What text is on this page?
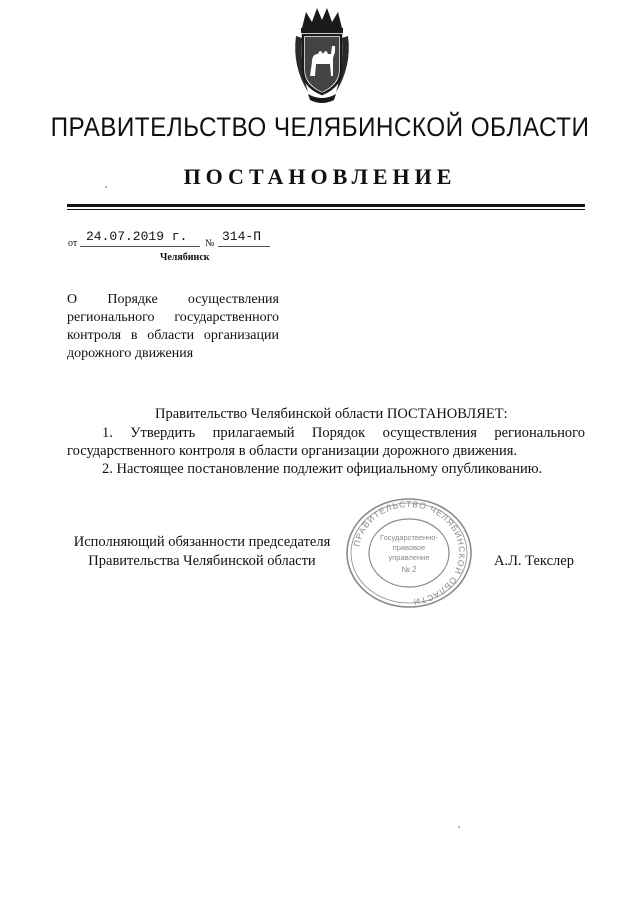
ПРАВИТЕЛЬСТВО ЧЕЛЯБИНСКОЙ ОБЛАСТИ
ПОСТАНОВЛЕНИЕ
от 24.07.2019 г. № 314-П
Челябинск
О Порядке осуществления регионального государственного контроля в области организации дорожного движения
Правительство Челябинской области ПОСТАНОВЛЯЕТ:
1. Утвердить прилагаемый Порядок осуществления регионального государственного контроля в области организации дорожного движения.
2. Настоящее постановление подлежит официальному опубликованию.
Исполняющий обязанности председателя
Правительства Челябинской области	А.Л. Текслер
ПРАВИТЕЛЬСТВО ЧЕЛЯБИНСКОЙ ОБЛАСТИ
Государственно-
правовое
управление
№ 2
